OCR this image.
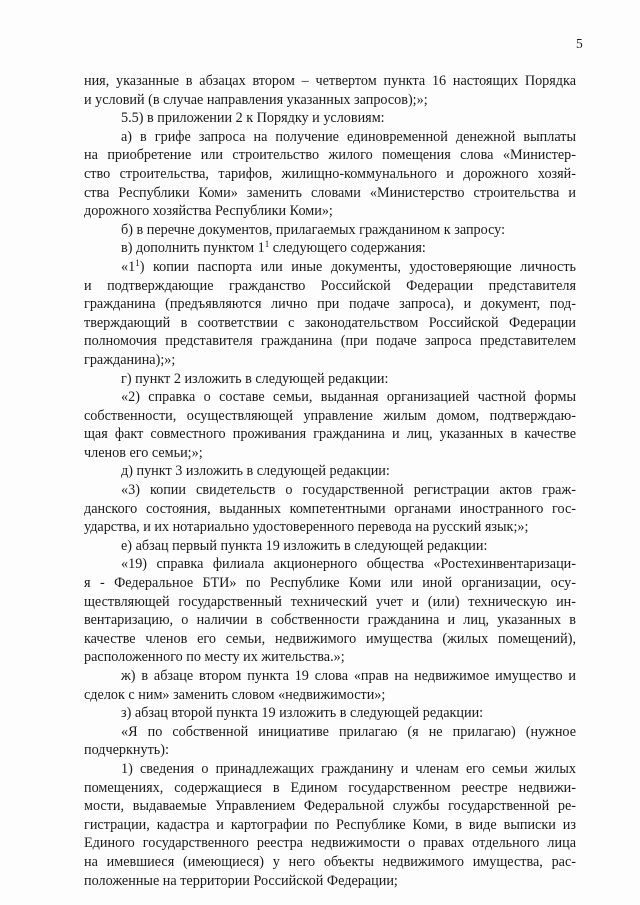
5
ния, указанные в абзацах втором – четвертом пункта 16 настоящих Порядка
и условий (в случае направления указанных запросов);»;
5.5) в приложении 2 к Порядку и условиям:
а) в грифе запроса на получение единовременной денежной выплаты
на приобретение или строительство жилого помещения слова «Министер-
ство строительства, тарифов, жилищно-коммунального и дорожного хозяй-
ства Республики Коми» заменить словами «Министерство строительства и
дорожного хозяйства Республики Коми»;
б) в перечне документов, прилагаемых гражданином к запросу:
в) дополнить пунктом $1^1$ следующего содержания:
«$1^1$) копии паспорта или иные документы, удостоверяющие личность
и подтверждающие гражданство Российской Федерации представителя
гражданина (предъявляются лично при подаче запроса), и документ, под-
тверждающий в соответствии с законодательством Российской Федерации
полномочия представителя гражданина (при подаче запроса представителем
гражданина);»;
г) пункт 2 изложить в следующей редакции:
«2) справка о составе семьи, выданная организацией частной формы
собственности, осуществляющей управление жилым домом, подтверждаю-
щая факт совместного проживания гражданина и лиц, указанных в качестве
членов его семьи;»;
д) пункт 3 изложить в следующей редакции:
«3) копии свидетельств о государственной регистрации актов граж-
данского состояния, выданных компетентными органами иностранного гос-
ударства, и их нотариально удостоверенного перевода на русский язык;»;
е) абзац первый пункта 19 изложить в следующей редакции:
«19) справка филиала акционерного общества «Ростехинвентаризаци-
я - Федеральное БТИ» по Республике Коми или иной организации, осу-
ществляющей государственный технический учет и (или) техническую ин-
вентаризацию, о наличии в собственности гражданина и лиц, указанных в
качестве членов его семьи, недвижимого имущества (жилых помещений),
расположенного по месту их жительства.»;
ж) в абзаце втором пункта 19 слова «прав на недвижимое имущество и
сделок с ним» заменить словом «недвижимости»;
з) абзац второй пункта 19 изложить в следующей редакции:
«Я по собственной инициативе прилагаю (я не прилагаю) (нужное
подчеркнуть):
1) сведения о принадлежащих гражданину и членам его семьи жилых
помещениях, содержащиеся в Едином государственном реестре недвижи-
мости, выдаваемые Управлением Федеральной службы государственной ре-
гистрации, кадастра и картографии по Республике Коми, в виде выписки из
Единого государственного реестра недвижимости о правах отдельного лица
на имевшиеся (имеющиеся) у него объекты недвижимого имущества, рас-
положенные на территории Российской Федерации;
